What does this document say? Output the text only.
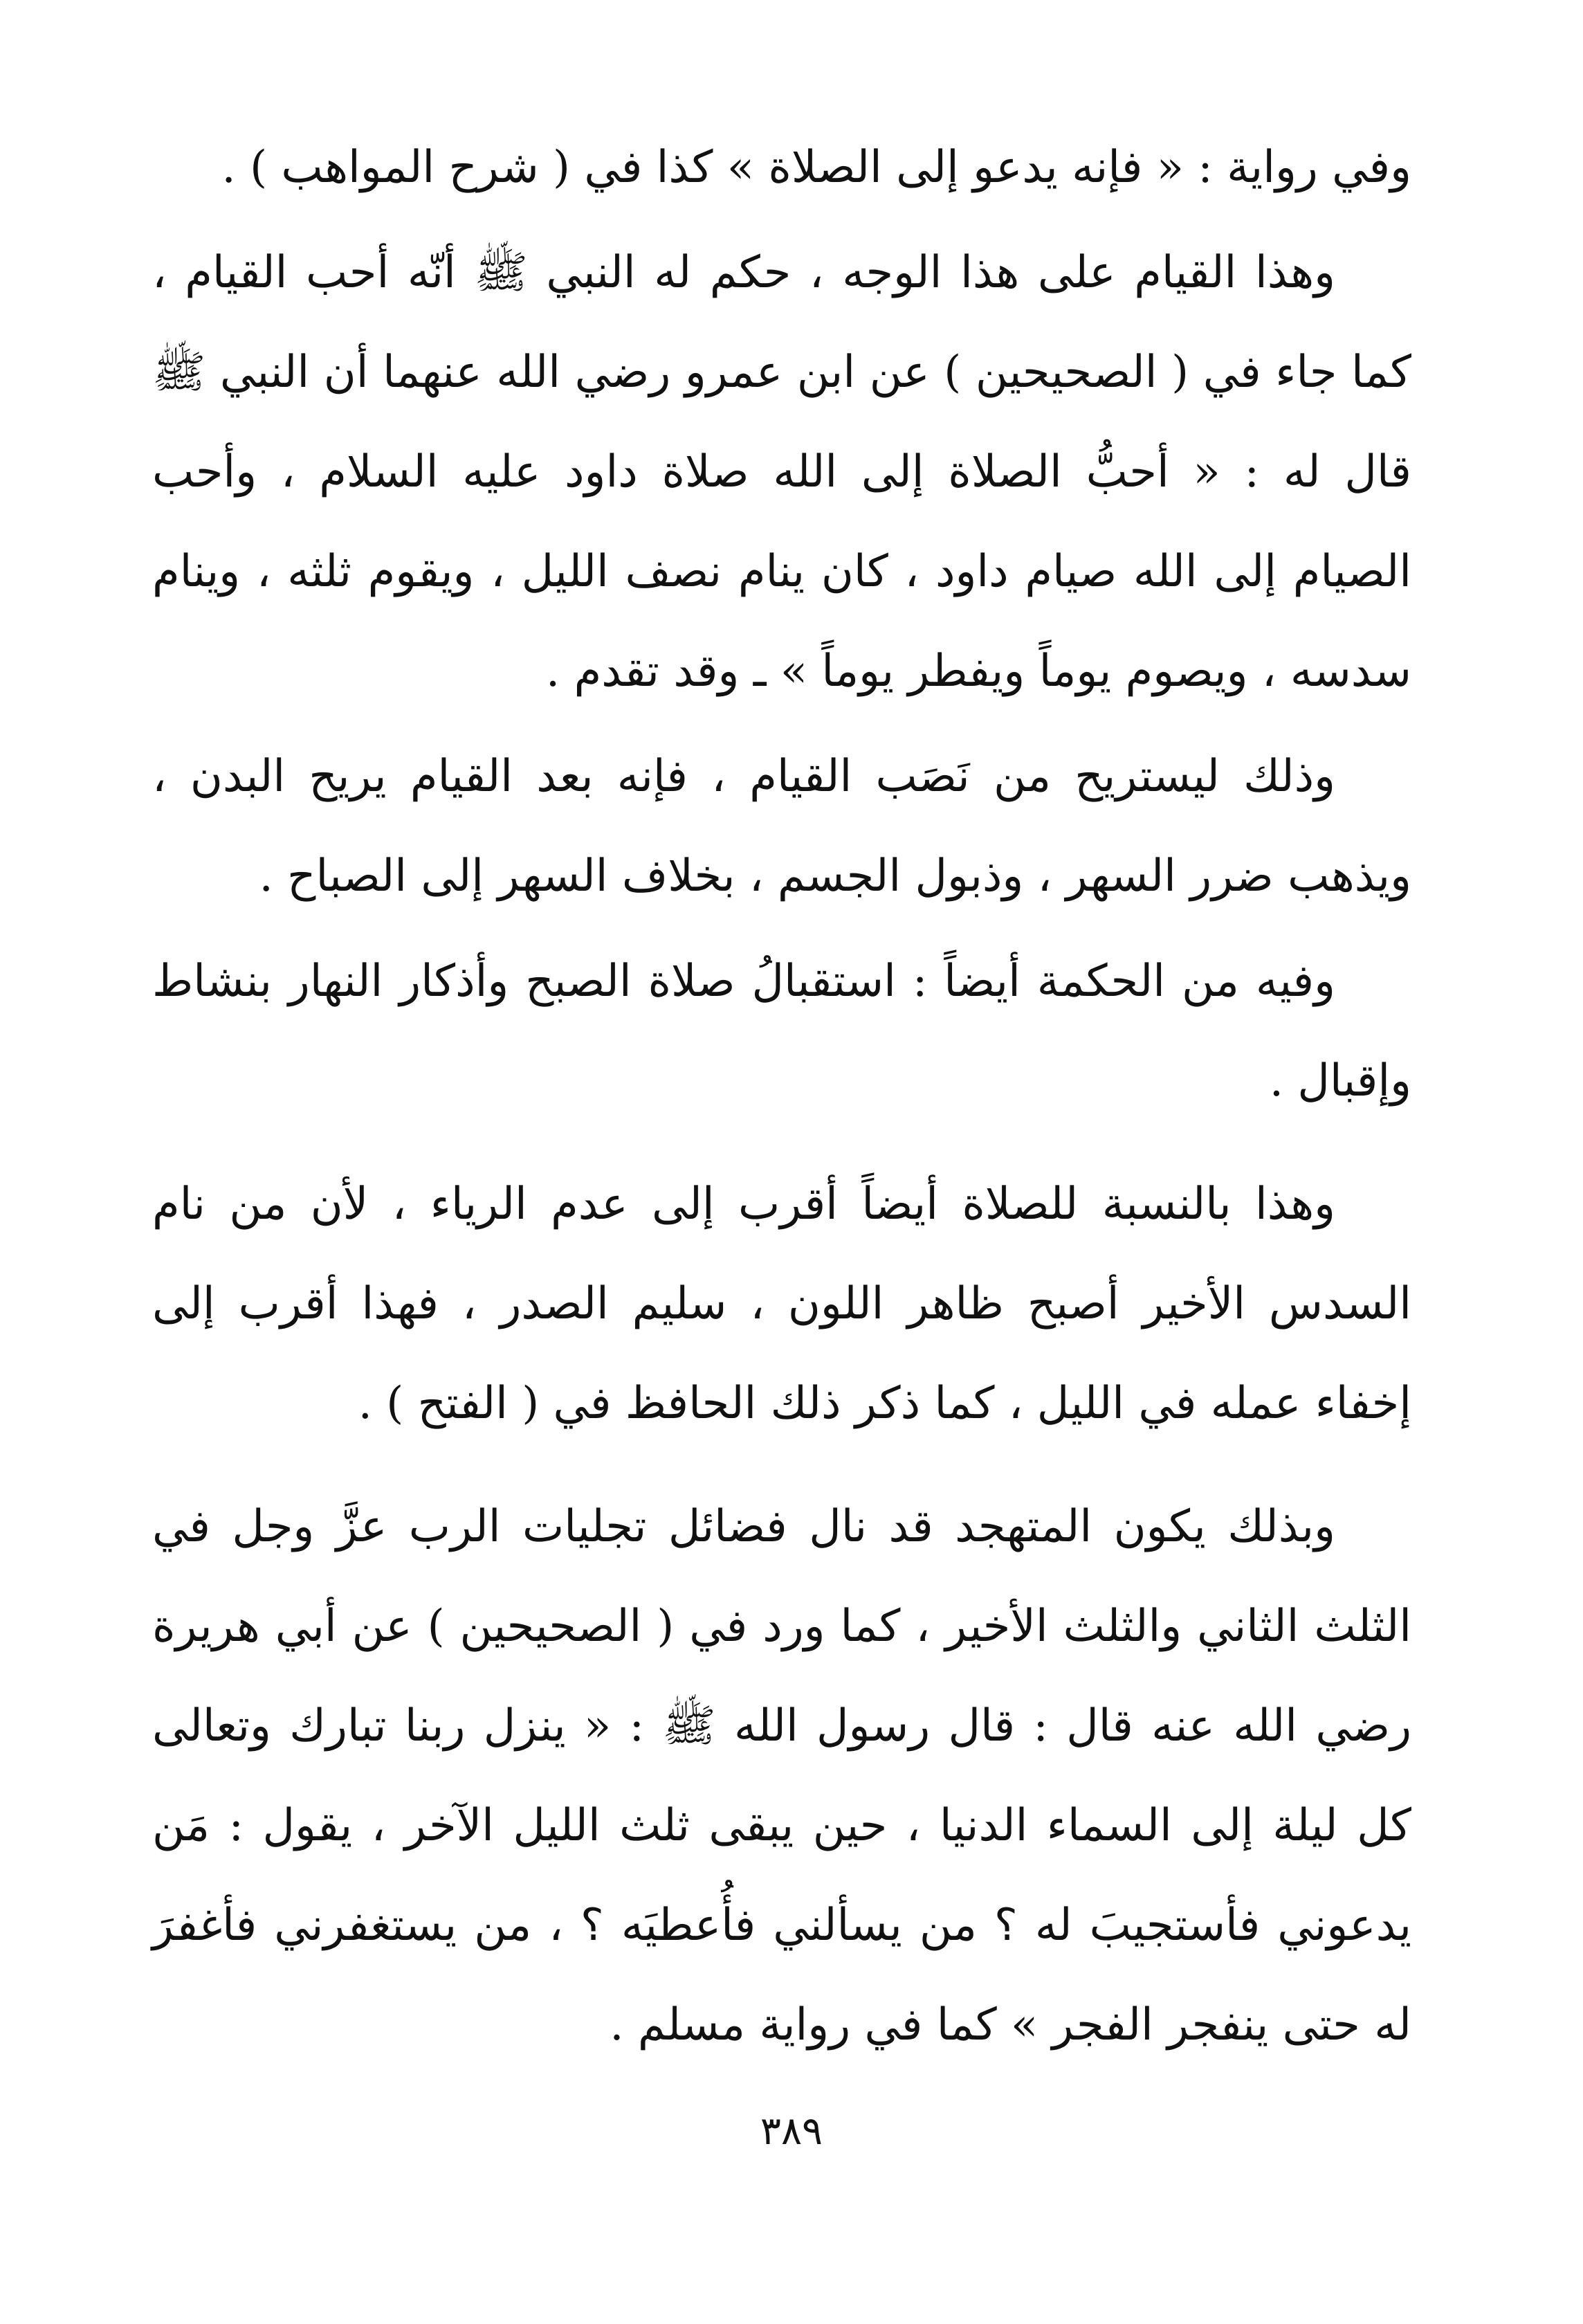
وفي رواية : « فإنه يدعو إلى الصلاة » كذا في ( شرح المواهب ) .

وهذا القيام على هذا الوجه ، حكم له النبي ﷺ أنّه أحب القيام ، كما جاء في ( الصحيحين ) عن ابن عمرو رضي الله عنهما أن النبي ﷺ قال له : « أحبُّ الصلاة إلى الله صلاة داود عليه السلام ، وأحب الصيام إلى الله صيام داود ، كان ينام نصف الليل ، ويقوم ثلثه ، وينام سدسه ، ويصوم يوماً ويفطر يوماً » ـ وقد تقدم .

وذلك ليستريح من نَصَب القيام ، فإنه بعد القيام يريح البدن ، ويذهب ضرر السهر ، وذبول الجسم ، بخلاف السهر إلى الصباح .

وفيه من الحكمة أيضاً : استقبالُ صلاة الصبح وأذكار النهار بنشاط وإقبال .

وهذا بالنسبة للصلاة أيضاً أقرب إلى عدم الرياء ، لأن من نام السدس الأخير أصبح ظاهر اللون ، سليم الصدر ، فهذا أقرب إلى إخفاء عمله في الليل ، كما ذكر ذلك الحافظ في ( الفتح ) .

وبذلك يكون المتهجد قد نال فضائل تجليات الرب عزَّ وجل في الثلث الثاني والثلث الأخير ، كما ورد في ( الصحيحين ) عن أبي هريرة رضي الله عنه قال : قال رسول الله ﷺ : « ينزل ربنا تبارك وتعالى كل ليلة إلى السماء الدنيا ، حين يبقى ثلث الليل الآخر ، يقول : مَن يدعوني فأستجيبَ له ؟ من يسألني فأُعطيَه ؟ ، من يستغفرني فأغفرَ له حتى ينفجر الفجر » كما في رواية مسلم .

٣٨٩
